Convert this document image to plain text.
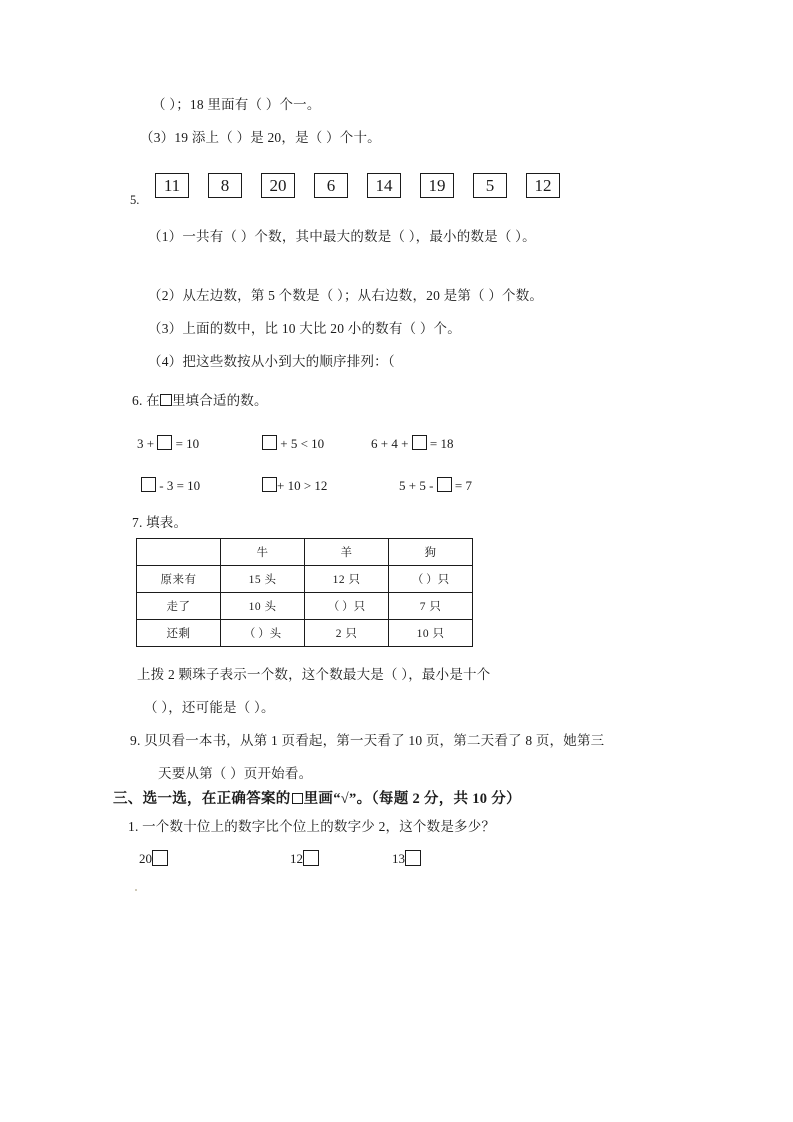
（ ）；18 里面有（ ）个一。
（3）19 添上（ ）是 20，是（ ）个十。
5.
11	8	20	6	14	19	5	12
（1）一共有（ ）个数，其中最大的数是（ ），最小的数是（ ）。
（2）从左边数，第 5 个数是（ ）；从右边数，20 是第（ ）个数。
（3）上面的数中，比 10 大比 20 小的数有（ ）个。
（4）把这些数按从小到大的顺序排列：（
6. 在 里填合适的数。
3 + = 10	+ 5 < 10	6 + 4 + = 18
- 3 = 10	+ 10 > 12	5 + 5 - = 7
7. 填表。
	牛	羊	狗
原来有	15 头	12 只	（ ）只
走了	10 头	（ ）只	7 只
还剩	（ ）头	2 只	10 只
上拨 2 颗珠子表示一个数，这个数最大是（ ），最小是十个
（ ），还可能是（ ）。
9. 贝贝看一本书，从第 1 页看起，第一天看了 10 页，第二天看了 8 页，她第三
天要从第（ ）页开始看。
三、选一选，在正确答案的 里画“√”。（每题 2 分，共 10 分）
1. 一个数十位上的数字比个位上的数字少 2，这个数是多少？
20	12	13
